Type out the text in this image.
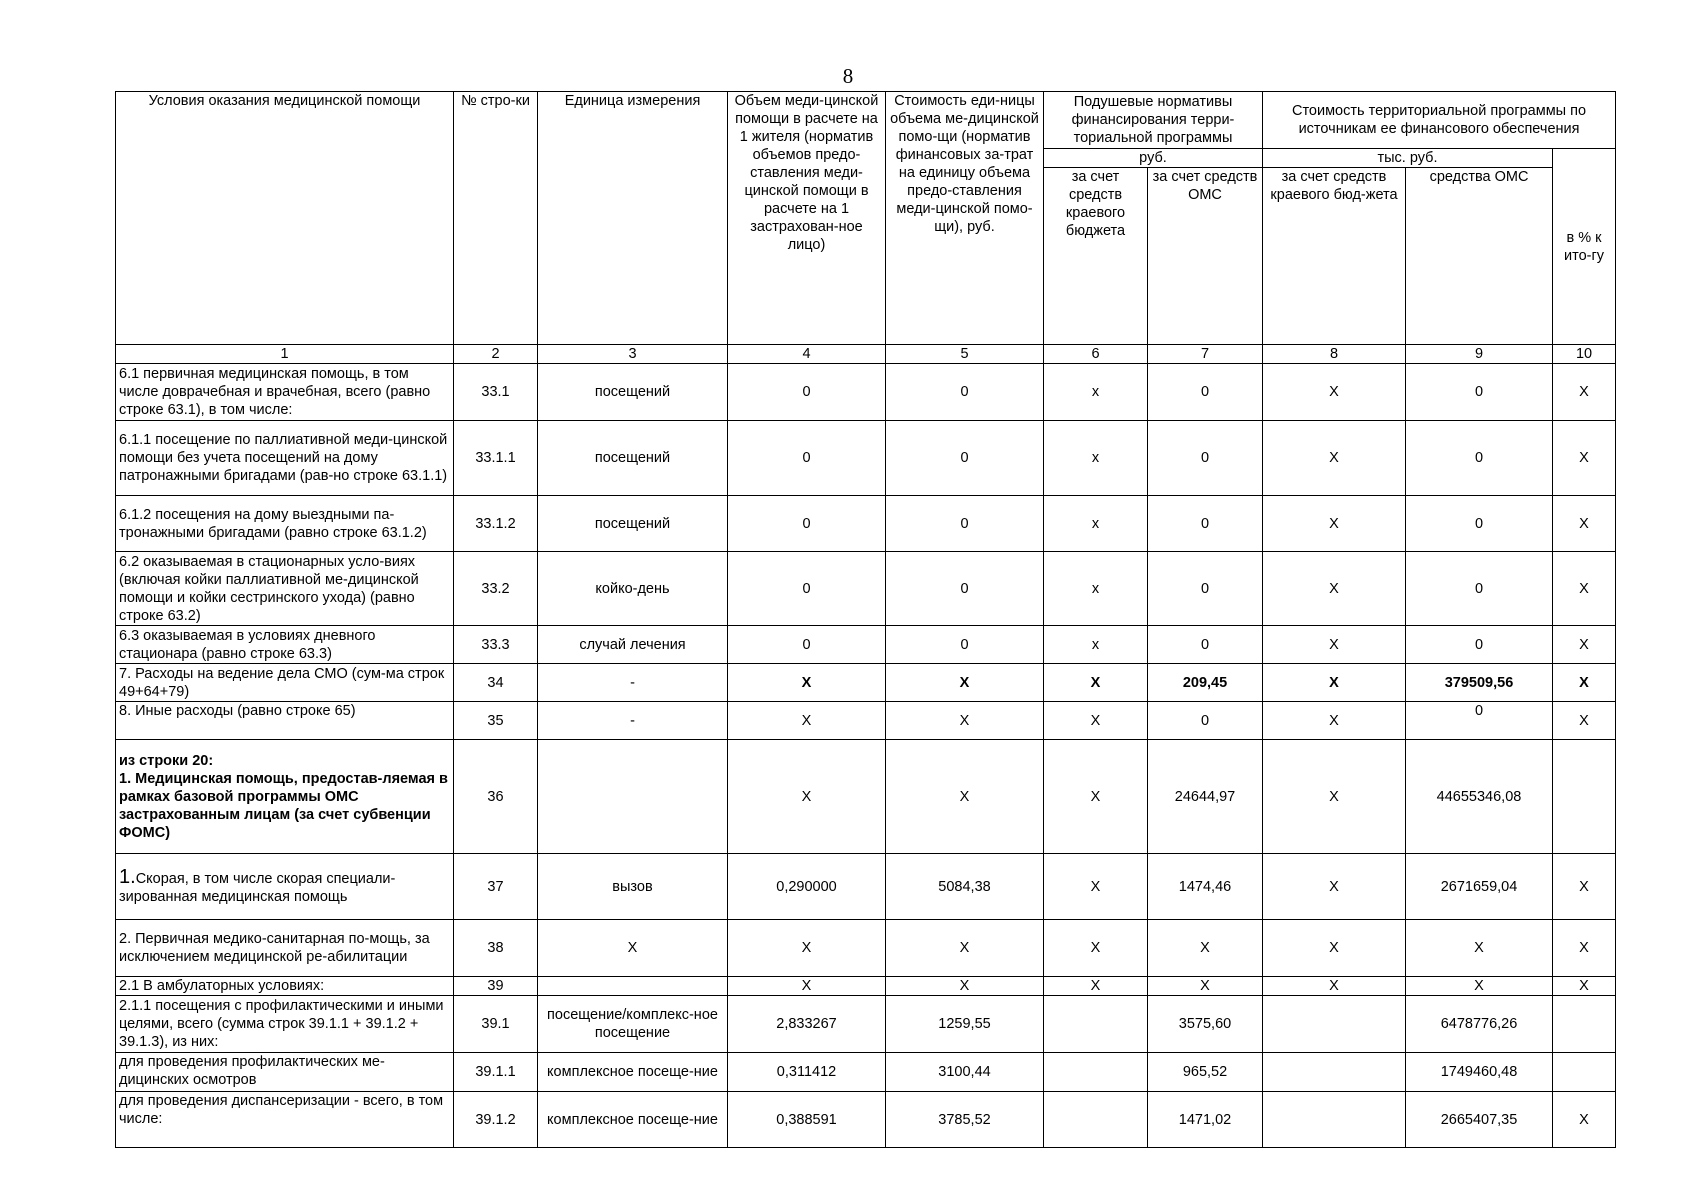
8
Условия оказания медицинской помощи	№ стро-ки	Единица измерения	Объем меди-цинской помощи в расчете на 1 жителя (норматив объемов предо-ставления меди-цинской помощи в расчете на 1 застрахован-ное лицо)	Стоимость еди-ницы объема ме-дицинской помо-щи (норматив финансовых за-трат на единицу объема предо-ставления меди-цинской помо-щи), руб.	Подушевые нормативы финансирования терри-ториальной программы		Стоимость территориальной программы по источникам ее финансового обеспечения		
					руб.		тыс. руб.		в % к ито-гу
					за счет средств краевого бюджета	за счет средств ОМС	за счет средств краевого бюд-жета	средства ОМС	
1	2	3	4	5	6	7	8	9	10
6.1 первичная медицинская помощь, в том числе доврачебная и врачебная, всего (равно строке 63.1), в том числе:	33.1	посещений	0	0	х	0	Х	0	Х
6.1.1 посещение по паллиативной меди-цинской помощи без учета посещений на дому патронажными бригадами (рав-но строке 63.1.1)	33.1.1	посещений	0	0	х	0	Х	0	Х
6.1.2 посещения на дому выездными па-тронажными бригадами (равно строке 63.1.2)	33.1.2	посещений	0	0	х	0	Х	0	Х
6.2 оказываемая в стационарных усло-виях (включая койки паллиативной ме-дицинской помощи и койки сестринского ухода) (равно строке 63.2)	33.2	койко-день	0	0	х	0	Х	0	Х
6.3 оказываемая в условиях дневного стационара (равно строке 63.3)	33.3	случай лечения	0	0	х	0	Х	0	Х
7. Расходы на ведение дела СМО (сум-ма строк 49+64+79)	34	-	Х	Х	Х	209,45	Х	379509,56	Х
8. Иные расходы (равно строке 65)	35	-	Х	Х	Х	0	Х	0	Х
из строки 20:
1. Медицинская помощь, предостав-ляемая в рамках базовой программы ОМС застрахованным лицам (за счет субвенции ФОМС)	36		Х	Х	Х	24644,97	Х	44655346,08	
1.Скорая, в том числе скорая специали-зированная медицинская помощь	37	вызов	0,290000	5084,38	Х	1474,46	Х	2671659,04	Х
2. Первичная медико-санитарная по-мощь, за исключением медицинской ре-абилитации	38	Х	Х	Х	Х	Х	Х	Х	Х
2.1 В амбулаторных условиях:	39		Х	Х	Х	Х	Х	Х	Х
2.1.1 посещения с профилактическими и иными целями, всего (сумма строк 39.1.1 + 39.1.2 + 39.1.3), из них:	39.1	посещение/комплекс-ное посещение	2,833267	1259,55		3575,60		6478776,26	
для проведения профилактических ме-дицинских осмотров	39.1.1	комплексное посеще-ние	0,311412	3100,44		965,52		1749460,48	
для проведения диспансеризации - всего, в том числе:	39.1.2	комплексное посеще-ние	0,388591	3785,52		1471,02		2665407,35	Х
